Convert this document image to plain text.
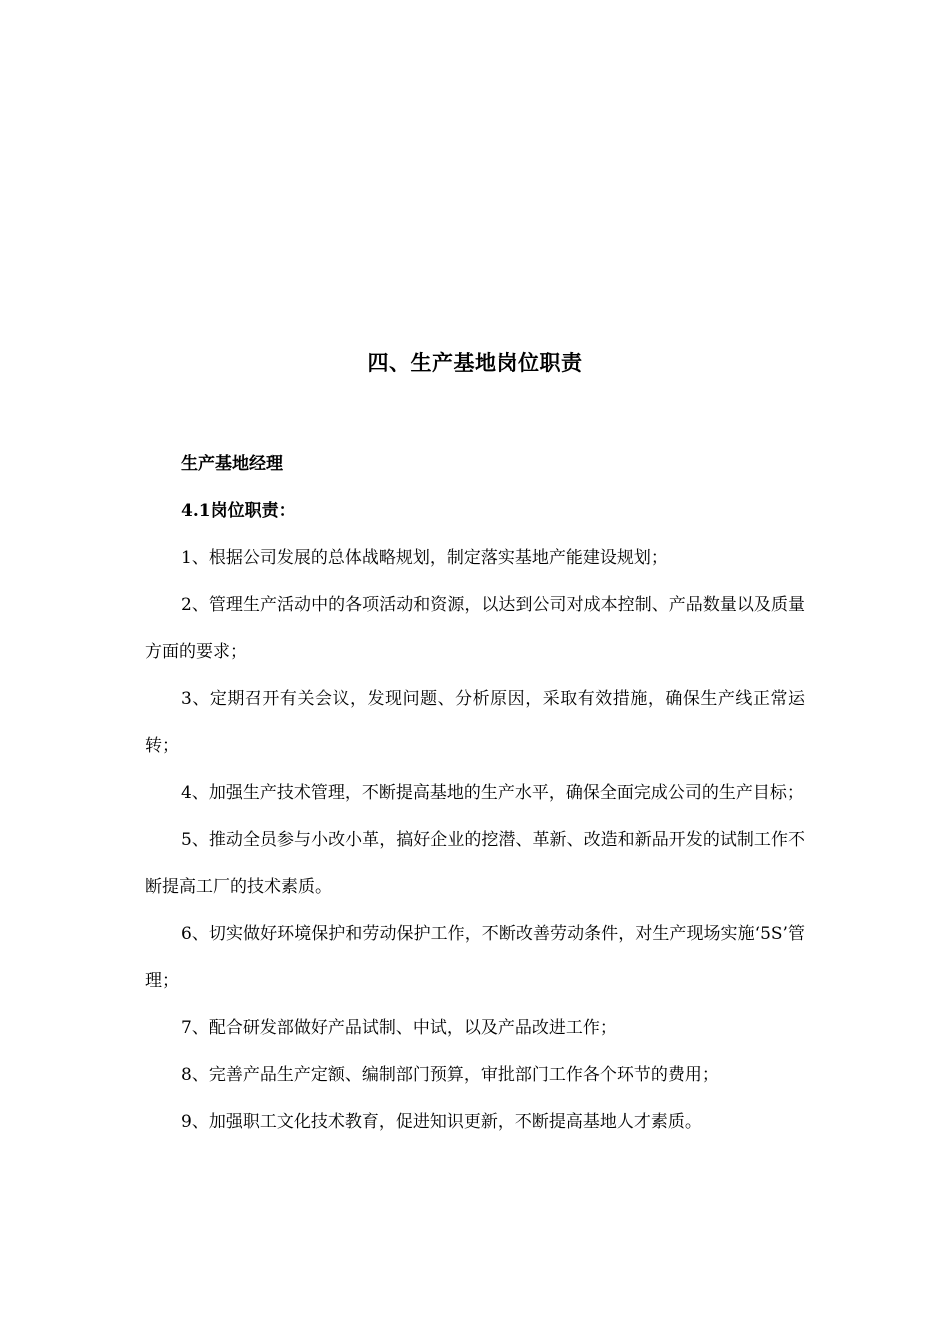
四、生产基地岗位职责

生产基地经理

4.1岗位职责：

1、根据公司发展的总体战略规划，制定落实基地产能建设规划；

2、管理生产活动中的各项活动和资源，以达到公司对成本控制、产品数量以及质量方面的要求；

3、定期召开有关会议，发现问题、分析原因，采取有效措施，确保生产线正常运转；

4、加强生产技术管理，不断提高基地的生产水平，确保全面完成公司的生产目标；

5、推动全员参与小改小革，搞好企业的挖潜、革新、改造和新品开发的试制工作不断提高工厂的技术素质。

6、切实做好环境保护和劳动保护工作，不断改善劳动条件，对生产现场实施‘5S’管理；

7、配合研发部做好产品试制、中试，以及产品改进工作；

8、完善产品生产定额、编制部门预算，审批部门工作各个环节的费用；

9、加强职工文化技术教育，促进知识更新，不断提高基地人才素质。
